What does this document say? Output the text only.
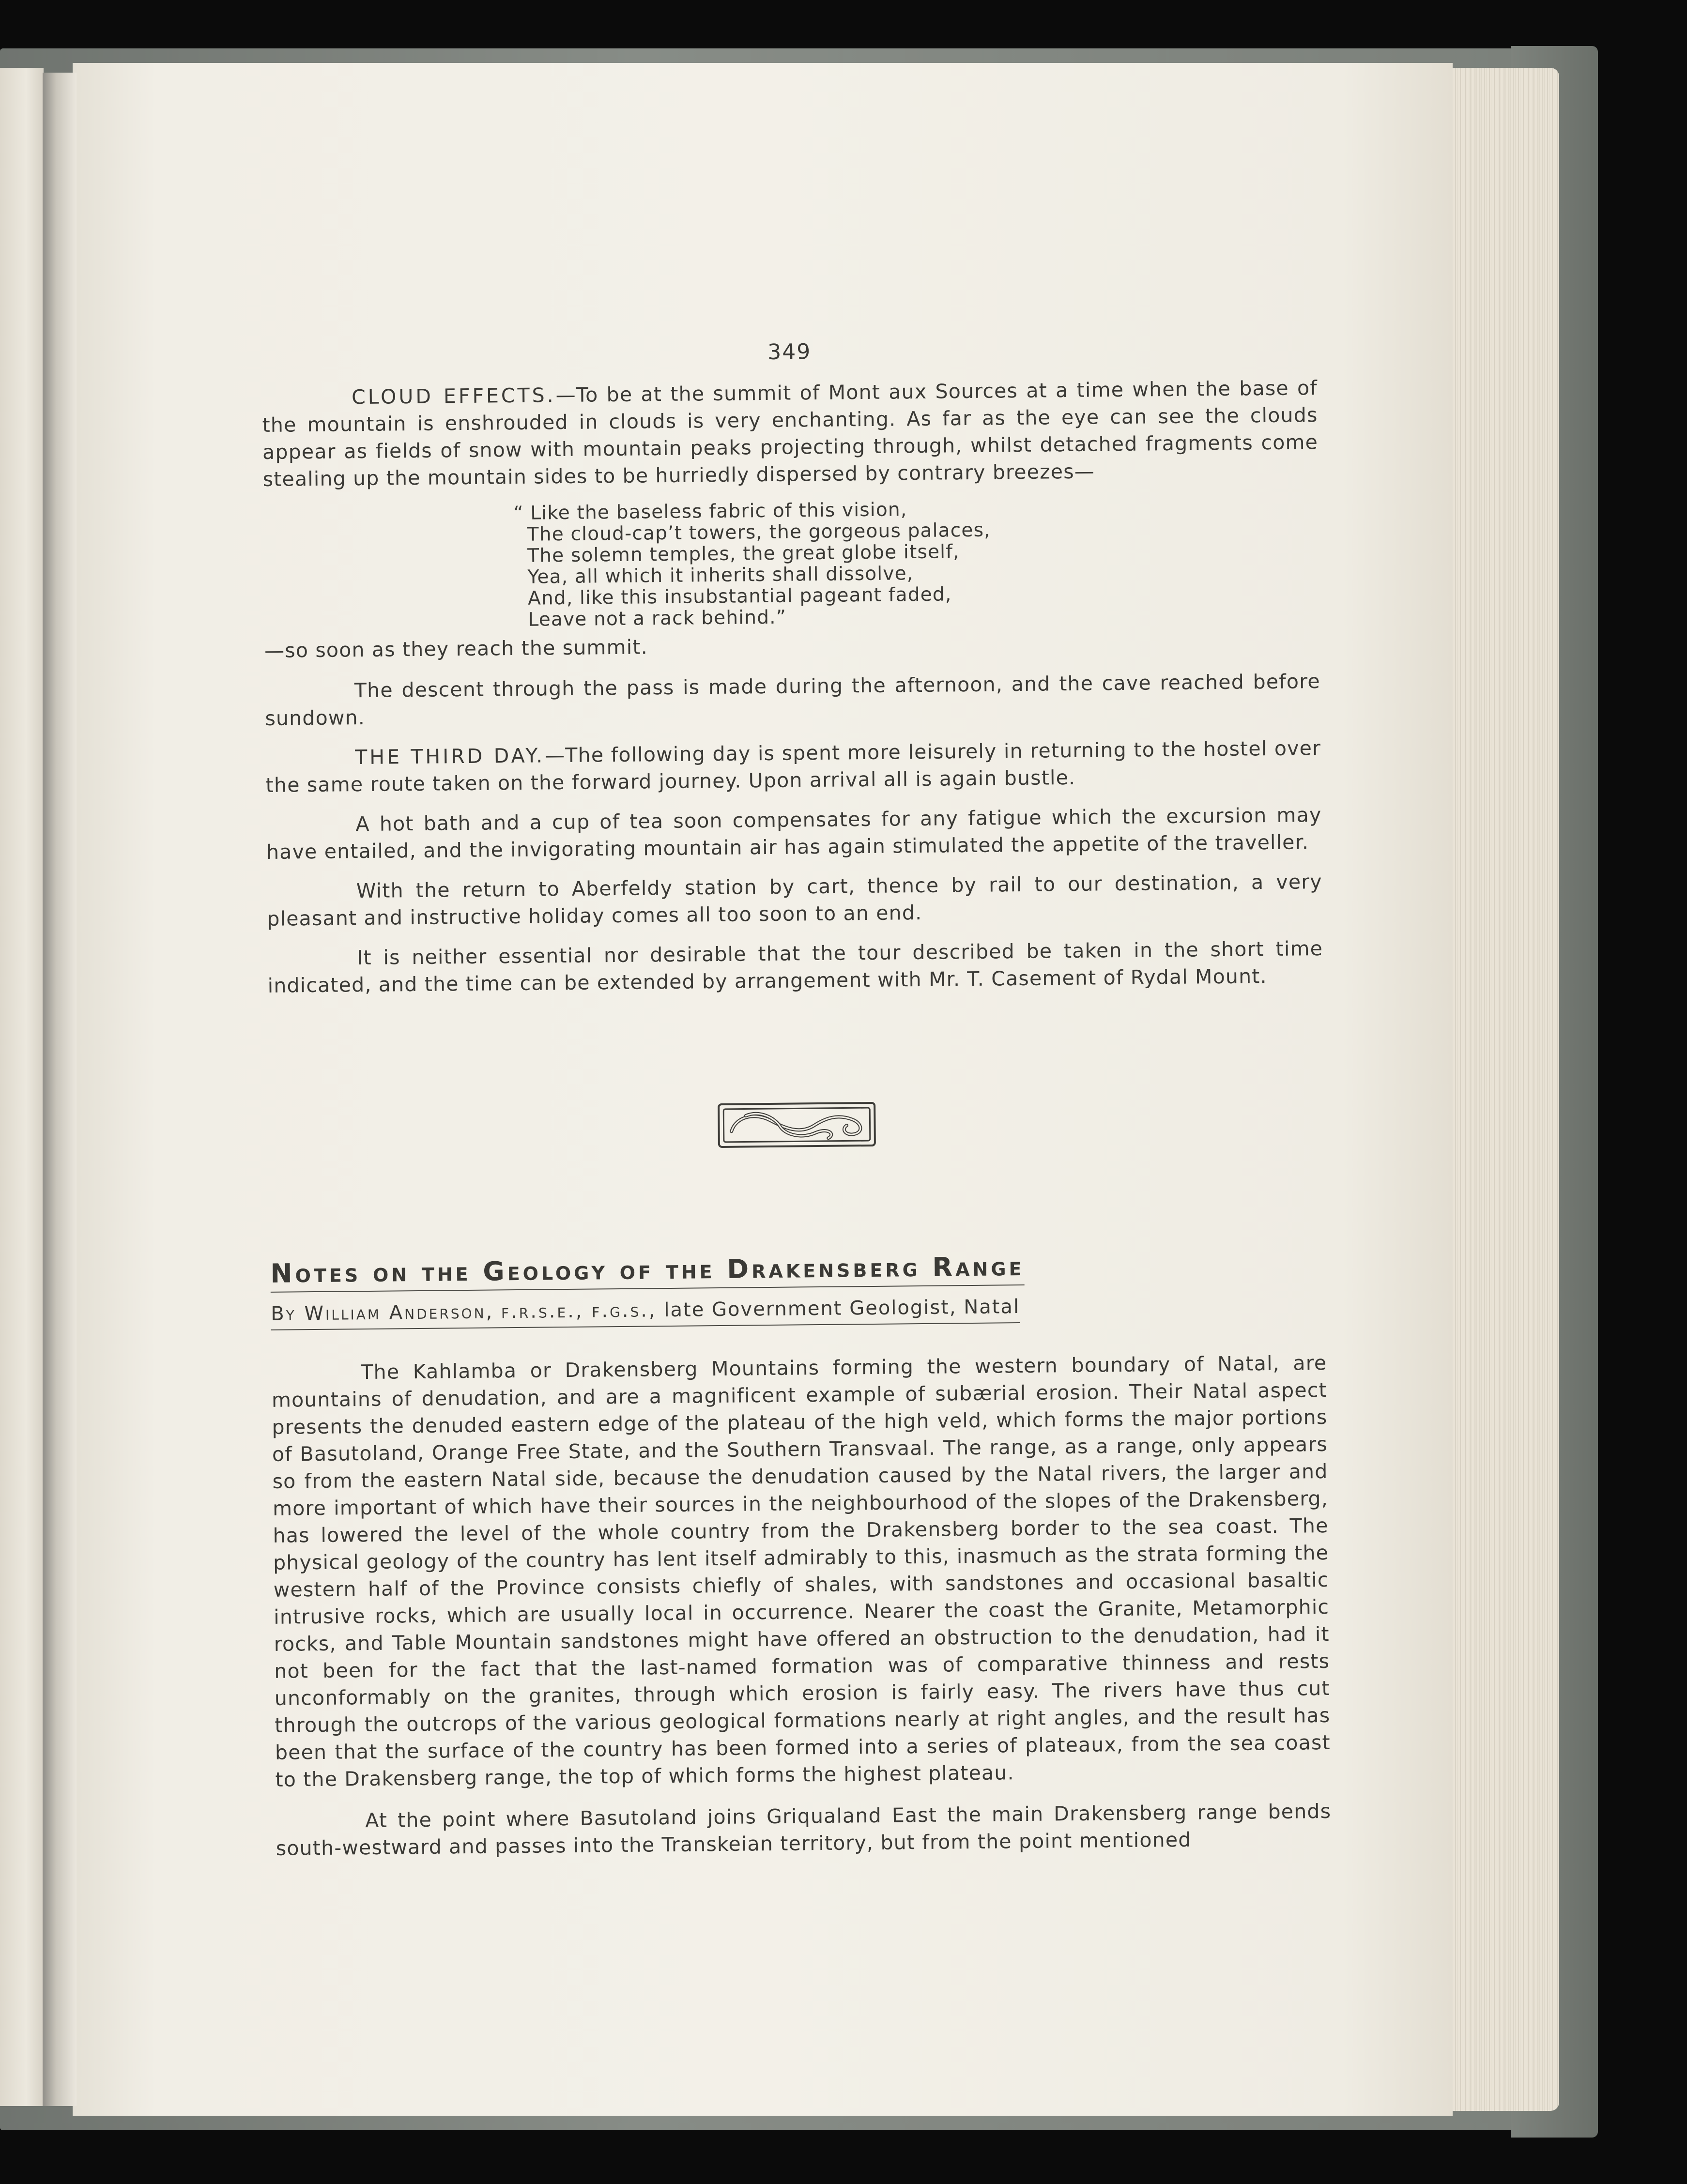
349

CLOUD EFFECTS.—To be at the summit of Mont aux Sources at a time when the base of the mountain is enshrouded in clouds is very enchanting. As far as the eye can see the clouds appear as fields of snow with mountain peaks projecting through, whilst detached fragments come stealing up the mountain sides to be hurriedly dispersed by contrary breezes—

“ Like the baseless fabric of this vision,
The cloud-cap’t towers, the gorgeous palaces,
The solemn temples, the great globe itself,
Yea, all which it inherits shall dissolve,
And, like this insubstantial pageant faded,
Leave not a rack behind.”

—so soon as they reach the summit.

The descent through the pass is made during the afternoon, and the cave reached before sundown.

THE THIRD DAY.—The following day is spent more leisurely in returning to the hostel over the same route taken on the forward journey. Upon arrival all is again bustle.

A hot bath and a cup of tea soon compensates for any fatigue which the excursion may have entailed, and the invigorating mountain air has again stimulated the appetite of the traveller.

With the return to Aberfeldy station by cart, thence by rail to our destination, a very pleasant and instructive holiday comes all too soon to an end.

It is neither essential nor desirable that the tour described be taken in the short time indicated, and the time can be extended by arrangement with Mr. T. Casement of Rydal Mount.

Notes on the Geology of the Drakensberg Range
By William Anderson, f.r.s.e., f.g.s., late Government Geologist, Natal

The Kahlamba or Drakensberg Mountains forming the western boundary of Natal, are mountains of denudation, and are a magnificent example of subærial erosion. Their Natal aspect presents the denuded eastern edge of the plateau of the high veld, which forms the major portions of Basutoland, Orange Free State, and the Southern Transvaal. The range, as a range, only appears so from the eastern Natal side, because the denudation caused by the Natal rivers, the larger and more important of which have their sources in the neighbourhood of the slopes of the Drakensberg, has lowered the level of the whole country from the Drakensberg border to the sea coast. The physical geology of the country has lent itself admirably to this, inasmuch as the strata forming the western half of the Province consists chiefly of shales, with sandstones and occasional basaltic intrusive rocks, which are usually local in occurrence. Nearer the coast the Granite, Metamorphic rocks, and Table Mountain sandstones might have offered an obstruction to the denudation, had it not been for the fact that the last-named formation was of comparative thinness and rests unconformably on the granites, through which erosion is fairly easy. The rivers have thus cut through the outcrops of the various geological formations nearly at right angles, and the result has been that the surface of the country has been formed into a series of plateaux, from the sea coast to the Drakensberg range, the top of which forms the highest plateau.

At the point where Basutoland joins Griqualand East the main Drakensberg range bends south-westward and passes into the Transkeian territory, but from the point mentioned
